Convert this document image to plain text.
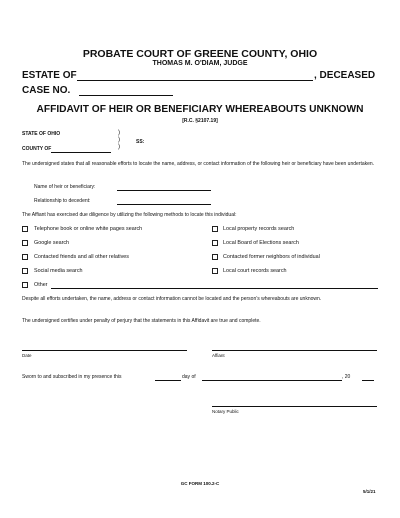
PROBATE COURT OF GREENE COUNTY, OHIO
THOMAS M. O'DIAM, JUDGE
ESTATE OF	, DECEASED
CASE NO.
AFFIDAVIT OF HEIR OR BENEFICIARY WHEREABOUTS UNKNOWN
[R.C. §2107.19]
STATE OF OHIO	)
)	SS:
COUNTY OF	)
The undersigned states that all reasonable efforts to locate the name, address, or contact information of the following heir or beneficiary have been undertaken.
Name of heir or beneficiary:
Relationship to decedent:
The Affiant has exercised due diligence by utilizing the following methods to locate this individual:
Telephone book or online white pages search
Google search
Contacted friends and all other relatives
Social media search
Local property records search
Local Board of Elections search
Contacted former neighbors of individual
Local court records search
Other
Despite all efforts undertaken, the name, address or contact information cannot be located and the person’s whereabouts are unknown.
The undersigned certifies under penalty of perjury that the statements in this Affidavit are true and complete.
Date	Affiant
Sworn to and subscribed in my presence this	day of	, 20
Notary Public
GC FORM 100.2-C
5/1/21
